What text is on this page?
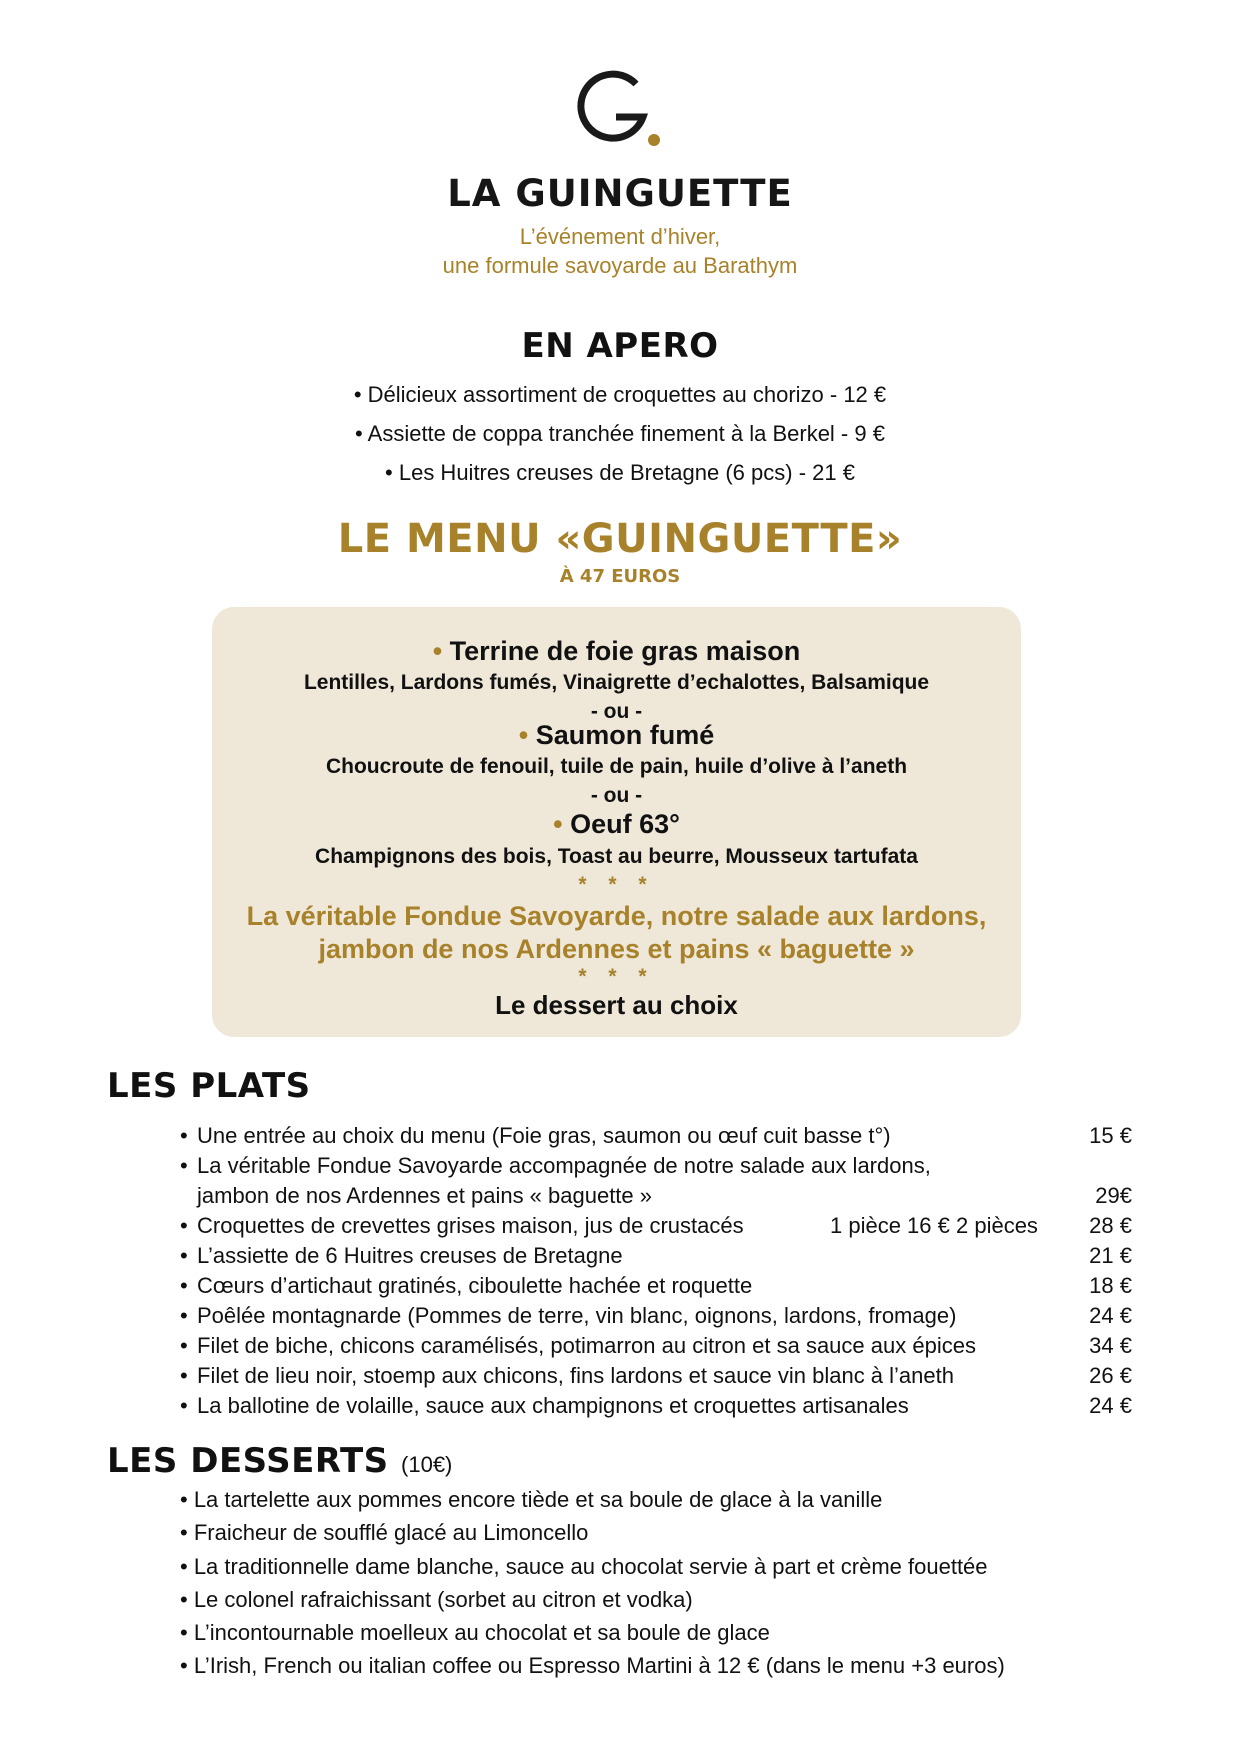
LA GUINGUETTE
L’événement d’hiver,
une formule savoyarde au Barathym
EN APERO
• Délicieux assortiment de croquettes au chorizo - 12 €
• Assiette de coppa tranchée finement à la Berkel - 9 €
• Les Huitres creuses de Bretagne (6 pcs) - 21 €
LE MENU «GUINGUETTE»
À 47 EUROS
• Terrine de foie gras maison
Lentilles, Lardons fumés, Vinaigrette d’echalottes, Balsamique
- ou -
• Saumon fumé
Choucroute de fenouil, tuile de pain, huile d’olive à l’aneth
- ou -
• Oeuf 63°
Champignons des bois, Toast au beurre, Mousseux tartufata
* * *
La véritable Fondue Savoyarde, notre salade aux lardons,
jambon de nos Ardennes et pains « baguette »
* * *
Le dessert au choix
LES PLATS
• Une entrée au choix du menu (Foie gras, saumon ou œuf cuit basse t°)	15 €
• La véritable Fondue Savoyarde accompagnée de notre salade aux lardons,
jambon de nos Ardennes et pains « baguette »	29€
• Croquettes de crevettes grises maison, jus de crustacés	1 pièce 16 € 2 pièces 28 €
• L’assiette de 6 Huitres creuses de Bretagne	21 €
• Cœurs d’artichaut gratinés, ciboulette hachée et roquette	18 €
• Poêlée montagnarde (Pommes de terre, vin blanc, oignons, lardons, fromage)	24 €
• Filet de biche, chicons caramélisés, potimarron au citron et sa sauce aux épices	34 €
• Filet de lieu noir, stoemp aux chicons, fins lardons et sauce vin blanc à l’aneth	26 €
• La ballotine de volaille, sauce aux champignons et croquettes artisanales	24 €
LES DESSERTS (10€)
• La tartelette aux pommes encore tiède et sa boule de glace à la vanille
• Fraicheur de soufflé glacé au Limoncello
• La traditionnelle dame blanche, sauce au chocolat servie à part et crème fouettée
• Le colonel rafraichissant (sorbet au citron et vodka)
• L’incontournable moelleux au chocolat et sa boule de glace
• L’Irish, French ou italian coffee ou Espresso Martini à 12 € (dans le menu +3 euros)
